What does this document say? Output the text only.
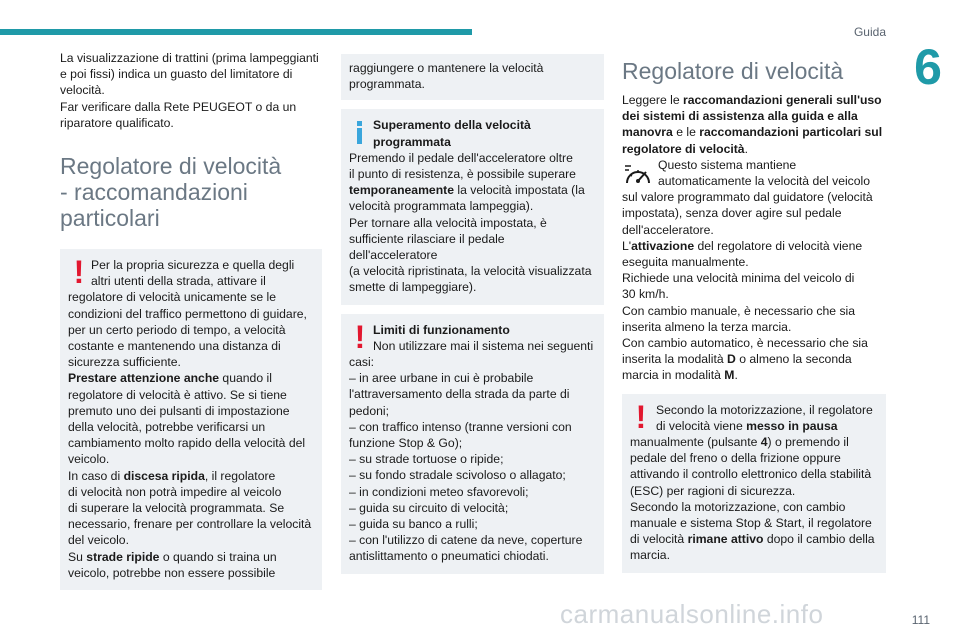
Guida
6
La visualizzazione di trattini (prima lampeggianti
e poi fissi) indica un guasto del limitatore di
velocità.
Far verificare dalla Rete PEUGEOT o da un
riparatore qualificato.
Regolatore di velocità
- raccomandazioni
particolari
! Per la propria sicurezza e quella degli
altri utenti della strada, attivare il
regolatore di velocità unicamente se le
condizioni del traffico permettono di guidare,
per un certo periodo di tempo, a velocità
costante e mantenendo una distanza di
sicurezza sufficiente.
Prestare attenzione anche quando il
regolatore di velocità è attivo. Se si tiene
premuto uno dei pulsanti di impostazione
della velocità, potrebbe verificarsi un
cambiamento molto rapido della velocità del
veicolo.
In caso di discesa ripida, il regolatore
di velocità non potrà impedire al veicolo
di superare la velocità programmata. Se
necessario, frenare per controllare la velocità
del veicolo.
Su strade ripide o quando si traina un
veicolo, potrebbe non essere possibile
raggiungere o mantenere la velocità
programmata.
Superamento della velocità
programmata
Premendo il pedale dell'acceleratore oltre
il punto di resistenza, è possibile superare
temporaneamente la velocità impostata (la
velocità programmata lampeggia).
Per tornare alla velocità impostata, è
sufficiente rilasciare il pedale dell'acceleratore
(a velocità ripristinata, la velocità visualizzata
smette di lampeggiare).
! Limiti di funzionamento
Non utilizzare mai il sistema nei seguenti
casi:
– in aree urbane in cui è probabile
l'attraversamento della strada da parte di
pedoni;
– con traffico intenso (tranne versioni con
funzione Stop & Go);
– su strade tortuose o ripide;
– su fondo stradale scivoloso o allagato;
– in condizioni meteo sfavorevoli;
– guida su circuito di velocità;
– guida su banco a rulli;
– con l'utilizzo di catene da neve, coperture
antislittamento o pneumatici chiodati.
Regolatore di velocità
Leggere le raccomandazioni generali sull'uso
dei sistemi di assistenza alla guida e alla
manovra e le raccomandazioni particolari sul
regolatore di velocità.
Questo sistema mantiene
automaticamente la velocità del veicolo
sul valore programmato dal guidatore (velocità
impostata), senza dover agire sul pedale
dell'acceleratore.
L'attivazione del regolatore di velocità viene
eseguita manualmente.
Richiede una velocità minima del veicolo di
30 km/h.
Con cambio manuale, è necessario che sia
inserita almeno la terza marcia.
Con cambio automatico, è necessario che sia
inserita la modalità D o almeno la seconda
marcia in modalità M.
! Secondo la motorizzazione, il regolatore
di velocità viene messo in pausa
manualmente (pulsante 4) o premendo il
pedale del freno o della frizione oppure
attivando il controllo elettronico della stabilità
(ESC) per ragioni di sicurezza.
Secondo la motorizzazione, con cambio
manuale e sistema Stop & Start, il regolatore
di velocità rimane attivo dopo il cambio della
marcia.
carmanualsonline.info	111
